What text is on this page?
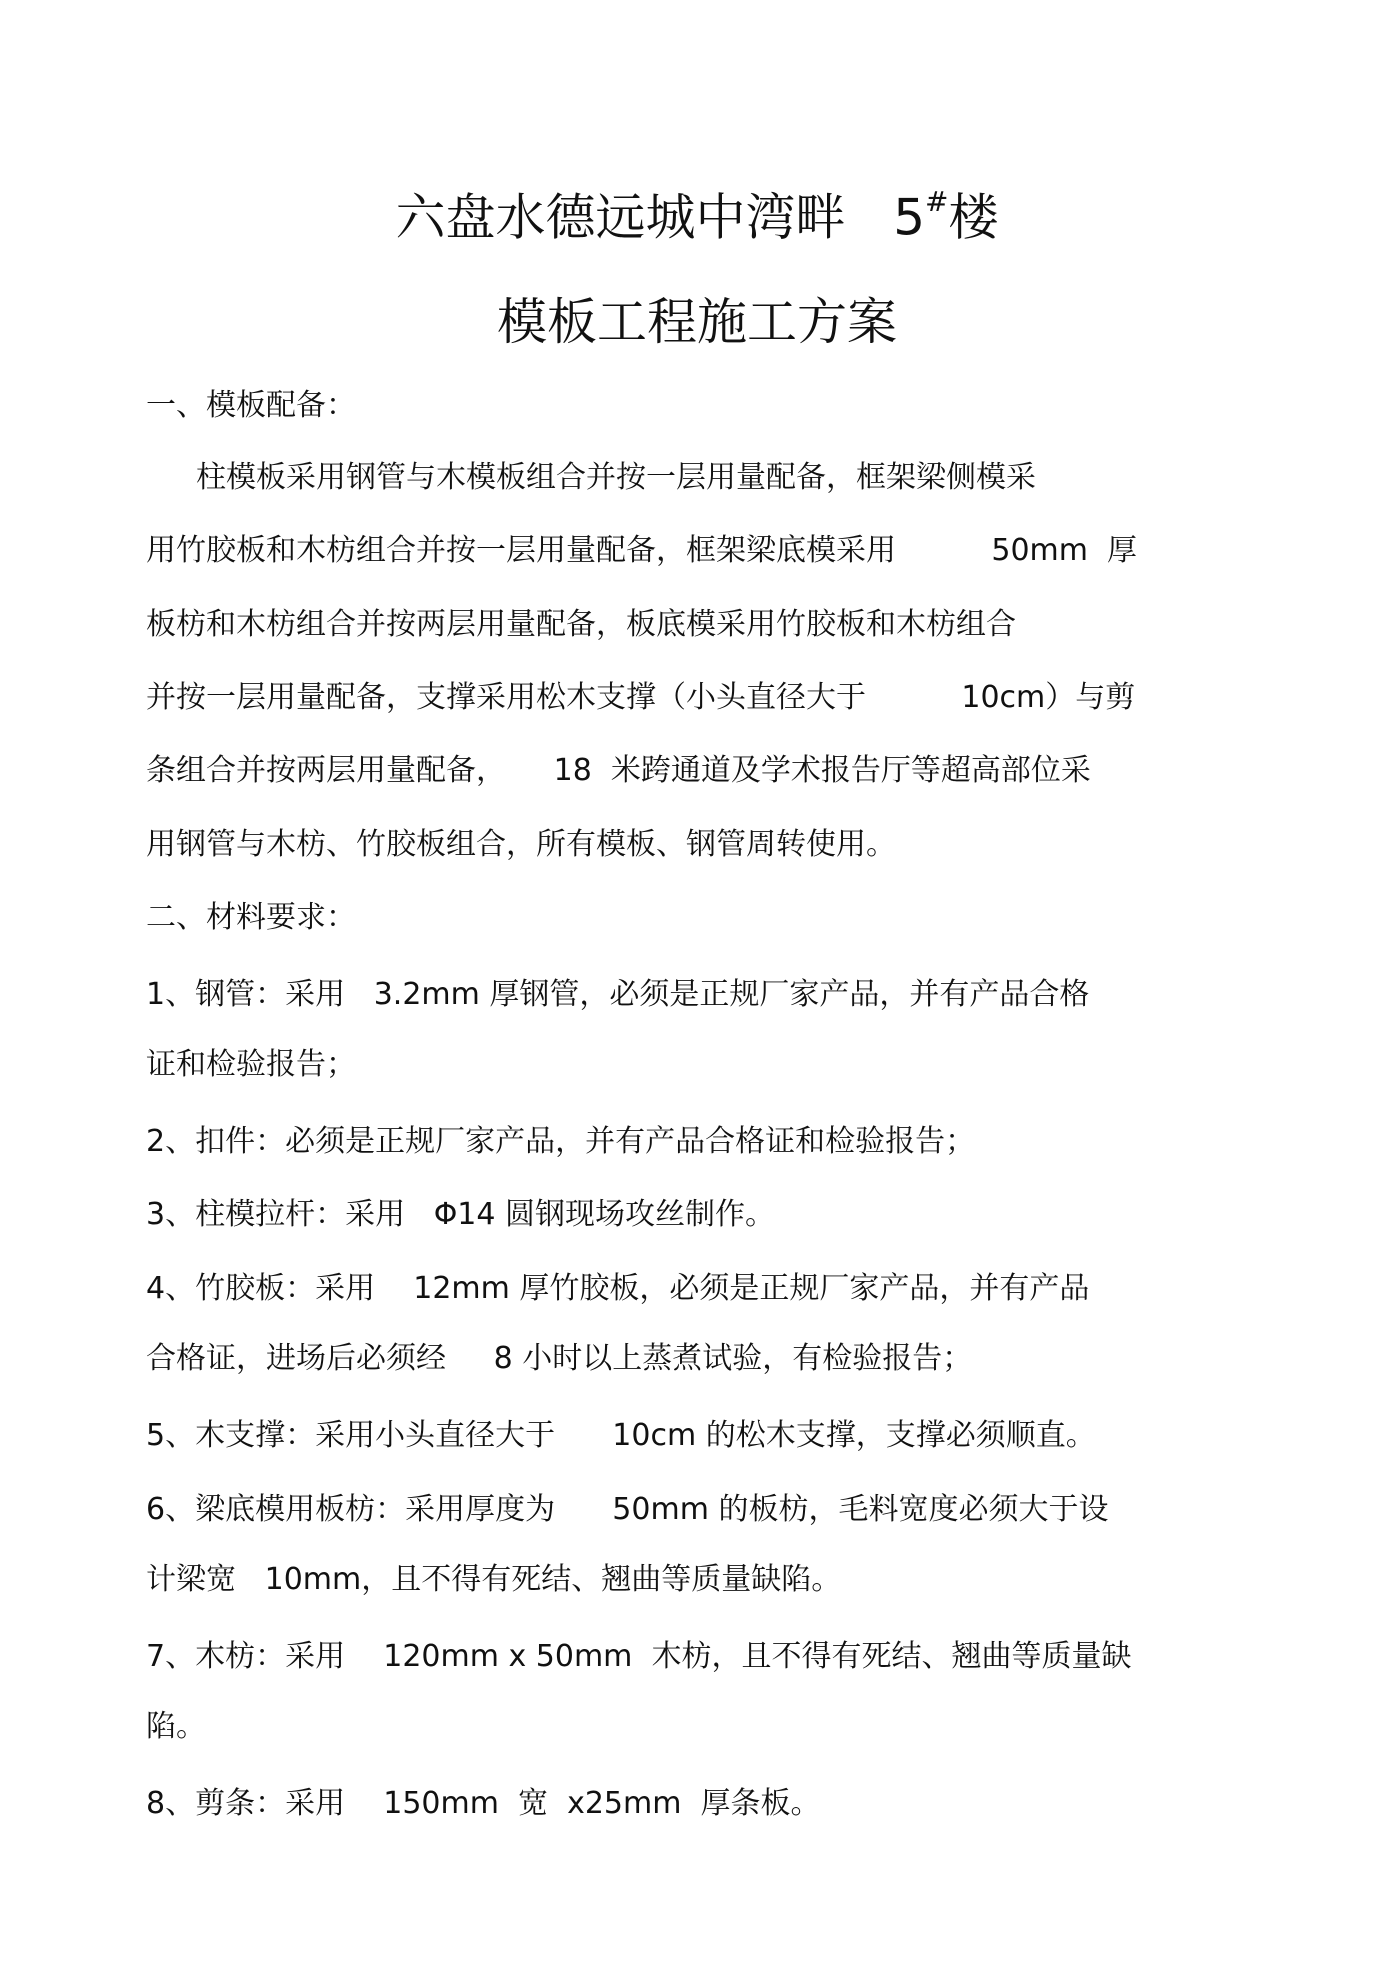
六盘水德远城中湾畔   5#楼
模板工程施工方案
一、模板配备：
柱模板采用钢管与木模板组合并按一层用量配备，框架梁侧模采
用竹胶板和木枋组合并按一层用量配备，框架梁底模采用          50mm  厚
板枋和木枋组合并按两层用量配备，板底模采用竹胶板和木枋组合
并按一层用量配备，支撑采用松木支撑（小头直径大于          10cm）与剪
条组合并按两层用量配备，     18  米跨通道及学术报告厅等超高部位采
用钢管与木枋、竹胶板组合，所有模板、钢管周转使用。
二、材料要求：
1、钢管：采用   3.2mm 厚钢管，必须是正规厂家产品，并有产品合格
证和检验报告；
2、扣件：必须是正规厂家产品，并有产品合格证和检验报告；
3、柱模拉杆：采用   Φ14 圆钢现场攻丝制作。
4、竹胶板：采用    12mm 厚竹胶板，必须是正规厂家产品，并有产品
合格证，进场后必须经     8 小时以上蒸煮试验，有检验报告；
5、木支撑：采用小头直径大于      10cm 的松木支撑，支撑必须顺直。
6、梁底模用板枋：采用厚度为      50mm 的板枋，毛料宽度必须大于设
计梁宽   10mm，且不得有死结、翘曲等质量缺陷。
7、木枋：采用    120mm x 50mm  木枋，且不得有死结、翘曲等质量缺
陷。
8、剪条：采用    150mm  宽  x25mm  厚条板。
